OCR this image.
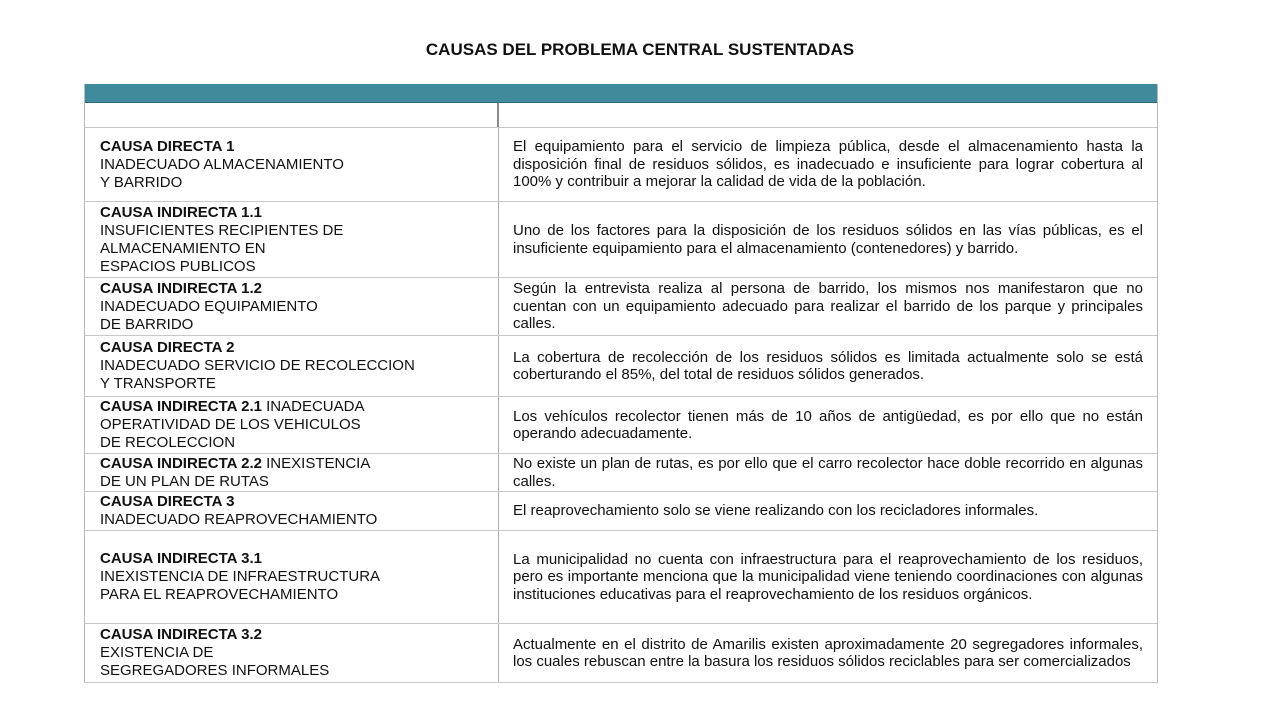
CAUSAS DEL PROBLEMA CENTRAL SUSTENTADAS
CAUSA DIRECTA 1
INADECUADO ALMACENAMIENTO
Y BARRIDO
El equipamiento para el servicio de limpieza pública, desde el almacenamiento hasta la disposición final de residuos sólidos, es inadecuado e insuficiente para lograr cobertura al 100% y contribuir a mejorar la calidad de vida de la población.
CAUSA INDIRECTA 1.1
INSUFICIENTES RECIPIENTES DE
ALMACENAMIENTO EN
ESPACIOS PUBLICOS
Uno de los factores para la disposición de los residuos sólidos en las vías públicas, es el insuficiente equipamiento para el almacenamiento (contenedores) y barrido.
CAUSA INDIRECTA 1.2
INADECUADO EQUIPAMIENTO
DE BARRIDO
Según la entrevista realiza al persona de barrido, los mismos nos manifestaron que no cuentan con un equipamiento adecuado para realizar el barrido de los parque y principales calles.
CAUSA DIRECTA 2
INADECUADO SERVICIO DE RECOLECCION
Y TRANSPORTE
La cobertura de recolección de los residuos sólidos es limitada actualmente solo se está coberturando el 85%, del total de residuos sólidos generados.
CAUSA INDIRECTA 2.1 INADECUADA
OPERATIVIDAD DE LOS VEHICULOS
DE RECOLECCION
Los vehículos recolector tienen más de 10 años de antigüedad, es por ello que no están operando adecuadamente.
CAUSA INDIRECTA 2.2 INEXISTENCIA
DE UN PLAN DE RUTAS
No existe un plan de rutas, es por ello que el carro recolector hace doble recorrido en algunas calles.
CAUSA DIRECTA 3
INADECUADO REAPROVECHAMIENTO
El reaprovechamiento solo se viene realizando con los recicladores informales.
CAUSA INDIRECTA 3.1
INEXISTENCIA DE INFRAESTRUCTURA
PARA EL REAPROVECHAMIENTO
La municipalidad no cuenta con infraestructura para el reaprovechamiento de los residuos, pero es importante menciona que la municipalidad viene teniendo coordinaciones con algunas instituciones educativas para el reaprovechamiento de los residuos orgánicos.
CAUSA INDIRECTA 3.2
EXISTENCIA DE
SEGREGADORES INFORMALES
Actualmente en el distrito de Amarilis existen aproximadamente 20 segregadores informales, los cuales rebuscan entre la basura los residuos sólidos reciclables para ser comercializados
